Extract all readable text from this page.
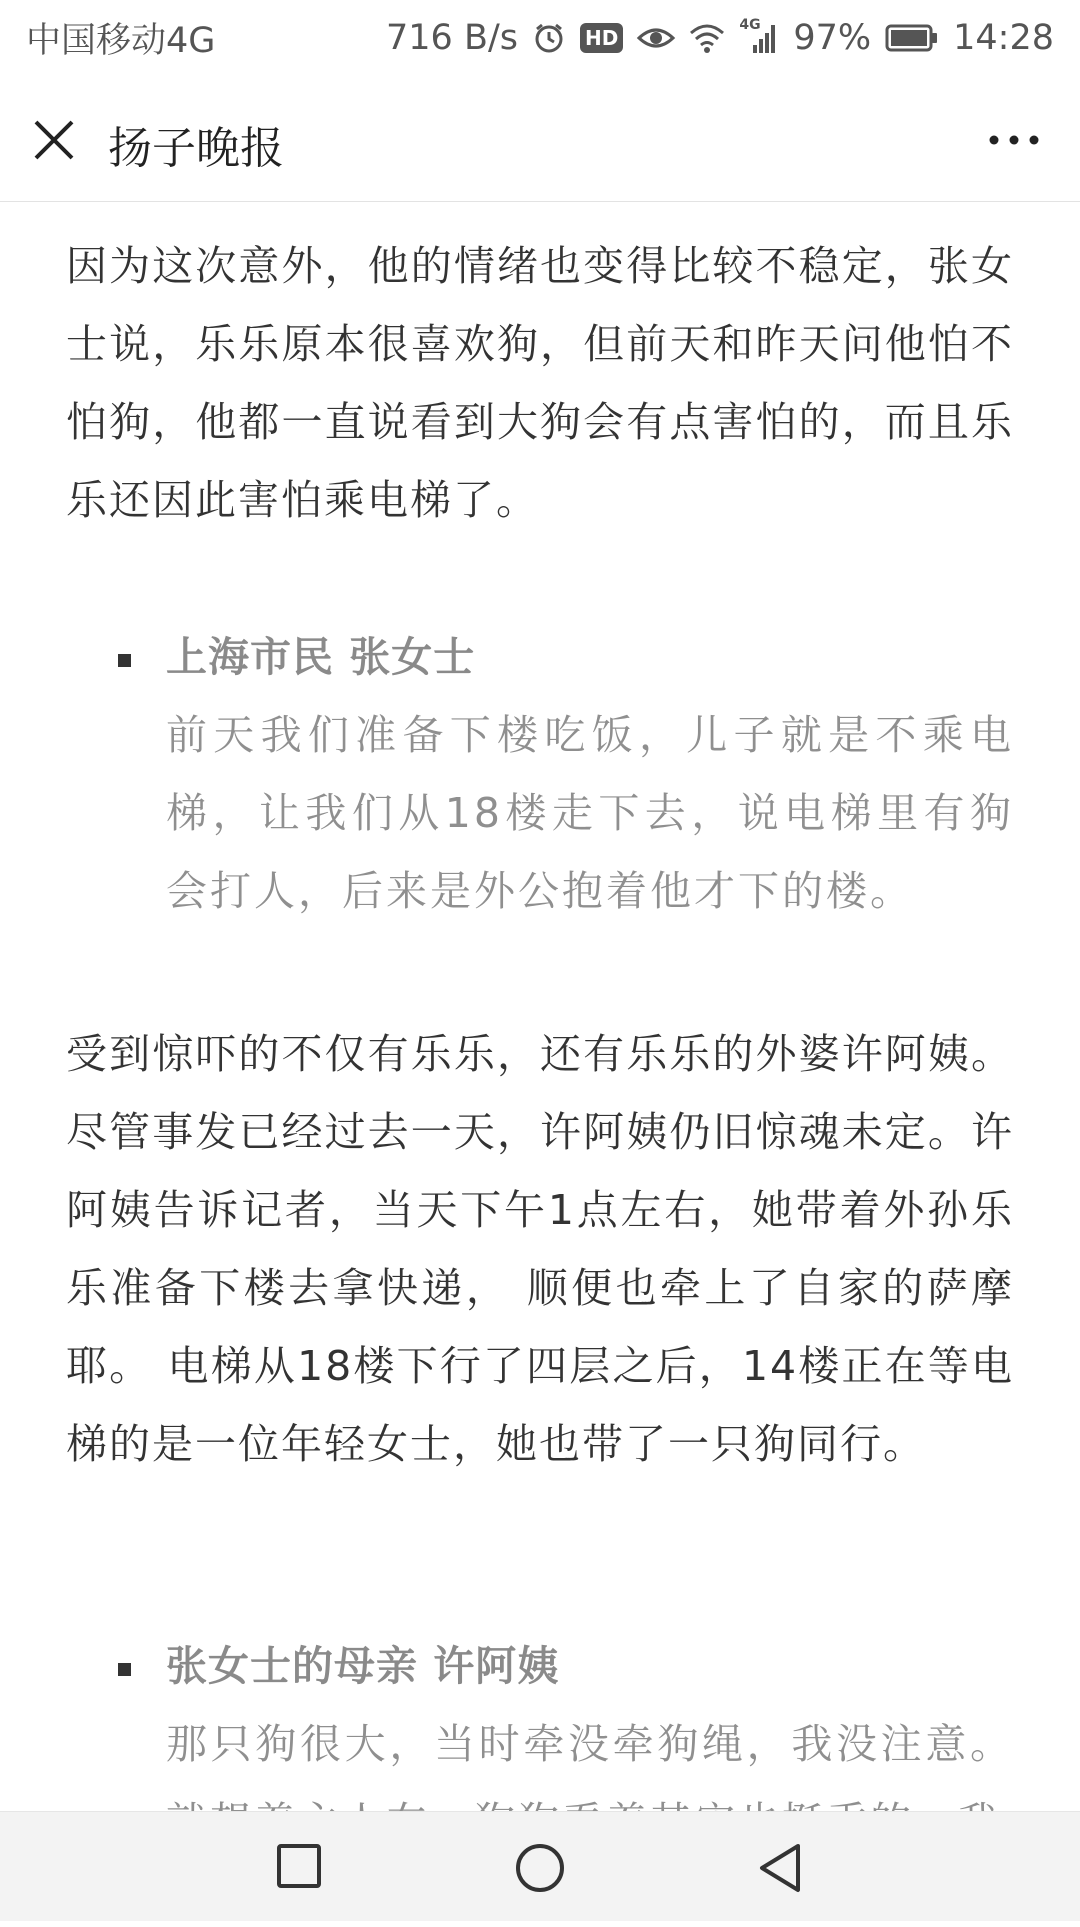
中国移动4G	716 B/s	HD
4G 97% 14:28
扬子晚报

因为这次意外，他的情绪也变得比较不稳定，张女士说，乐乐原本很喜欢狗，但前天和昨天问他怕不怕狗，他都一直说看到大狗会有点害怕的，而且乐乐还因此害怕乘电梯了。

上海市民 张女士
前天我们准备下楼吃饭，儿子就是不乘电梯，让我们从18楼走下去，说电梯里有狗会打人，后来是外公抱着他才下的楼。

受到惊吓的不仅有乐乐，还有乐乐的外婆许阿姨。尽管事发已经过去一天，许阿姨仍旧惊魂未定。许阿姨告诉记者，当天下午1点左右，她带着外孙乐乐准备下楼去拿快递， 顺便也牵上了自家的萨摩耶。 电梯从18楼下行了四层之后，14楼正在等电梯的是一位年轻女士，她也带了一只狗同行。

张女士的母亲 许阿姨
那只狗很大，当时牵没牵狗绳，我没注意。
